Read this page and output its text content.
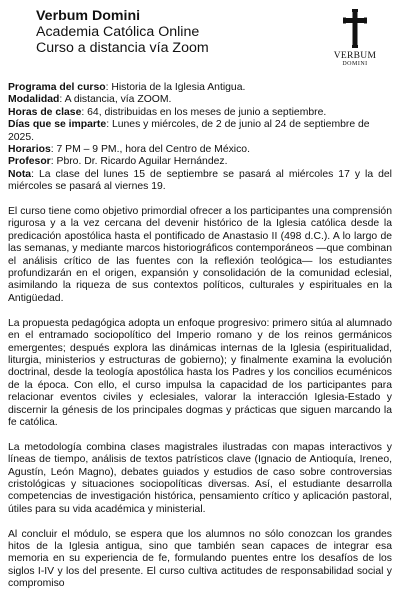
Verbum Domini

Academia Católica Online

Curso a distancia vía Zoom	VERBUM
DOMINI

Programa del curso: Historia de la Iglesia Antigua.

Modalidad: A distancia, vía ZOOM.

Horas de clase: 64, distribuidas en los meses de junio a septiembre.

Días que se imparte: Lunes y miércoles, de 2 de junio al 24 de septiembre de 2025.

Horarios: 7 PM – 9 PM., hora del Centro de México.

Profesor: Pbro. Dr. Ricardo Aguilar Hernández.

Nota: La clase del lunes 15 de septiembre se pasará al miércoles 17 y la del miércoles se pasará al viernes 19.

El curso tiene como objetivo primordial ofrecer a los participantes una comprensión rigurosa y a la vez cercana del devenir histórico de la Iglesia católica desde la predicación apostólica hasta el pontificado de Anastasio II (498 d.C.). A lo largo de las semanas, y mediante marcos historiográficos contemporáneos —que combinan el análisis crítico de las fuentes con la reflexión teológica— los estudiantes profundizarán en el origen, expansión y consolidación de la comunidad eclesial, asimilando la riqueza de sus contextos políticos, culturales y espirituales en la Antigüedad.

La propuesta pedagógica adopta un enfoque progresivo: primero sitúa al alumnado en el entramado sociopolítico del Imperio romano y de los reinos germánicos emergentes; después explora las dinámicas internas de la Iglesia (espiritualidad, liturgia, ministerios y estructuras de gobierno); y finalmente examina la evolución doctrinal, desde la teología apostólica hasta los Padres y los concilios ecuménicos de la época. Con ello, el curso impulsa la capacidad de los participantes para relacionar eventos civiles y eclesiales, valorar la interacción Iglesia-Estado y discernir la génesis de los principales dogmas y prácticas que siguen marcando la fe católica.

La metodología combina clases magistrales ilustradas con mapas interactivos y líneas de tiempo, análisis de textos patrísticos clave (Ignacio de Antioquía, Ireneo, Agustín, León Magno), debates guiados y estudios de caso sobre controversias cristológicas y situaciones sociopolíticas diversas. Así, el estudiante desarrolla competencias de investigación histórica, pensamiento crítico y aplicación pastoral, útiles para su vida académica y ministerial.

Al concluir el módulo, se espera que los alumnos no sólo conozcan los grandes hitos de la Iglesia antigua, sino que también sean capaces de integrar esa memoria en su experiencia de fe, formulando puentes entre los desafíos de los siglos I-IV y los del presente. El curso cultiva actitudes de responsabilidad social y compromiso
